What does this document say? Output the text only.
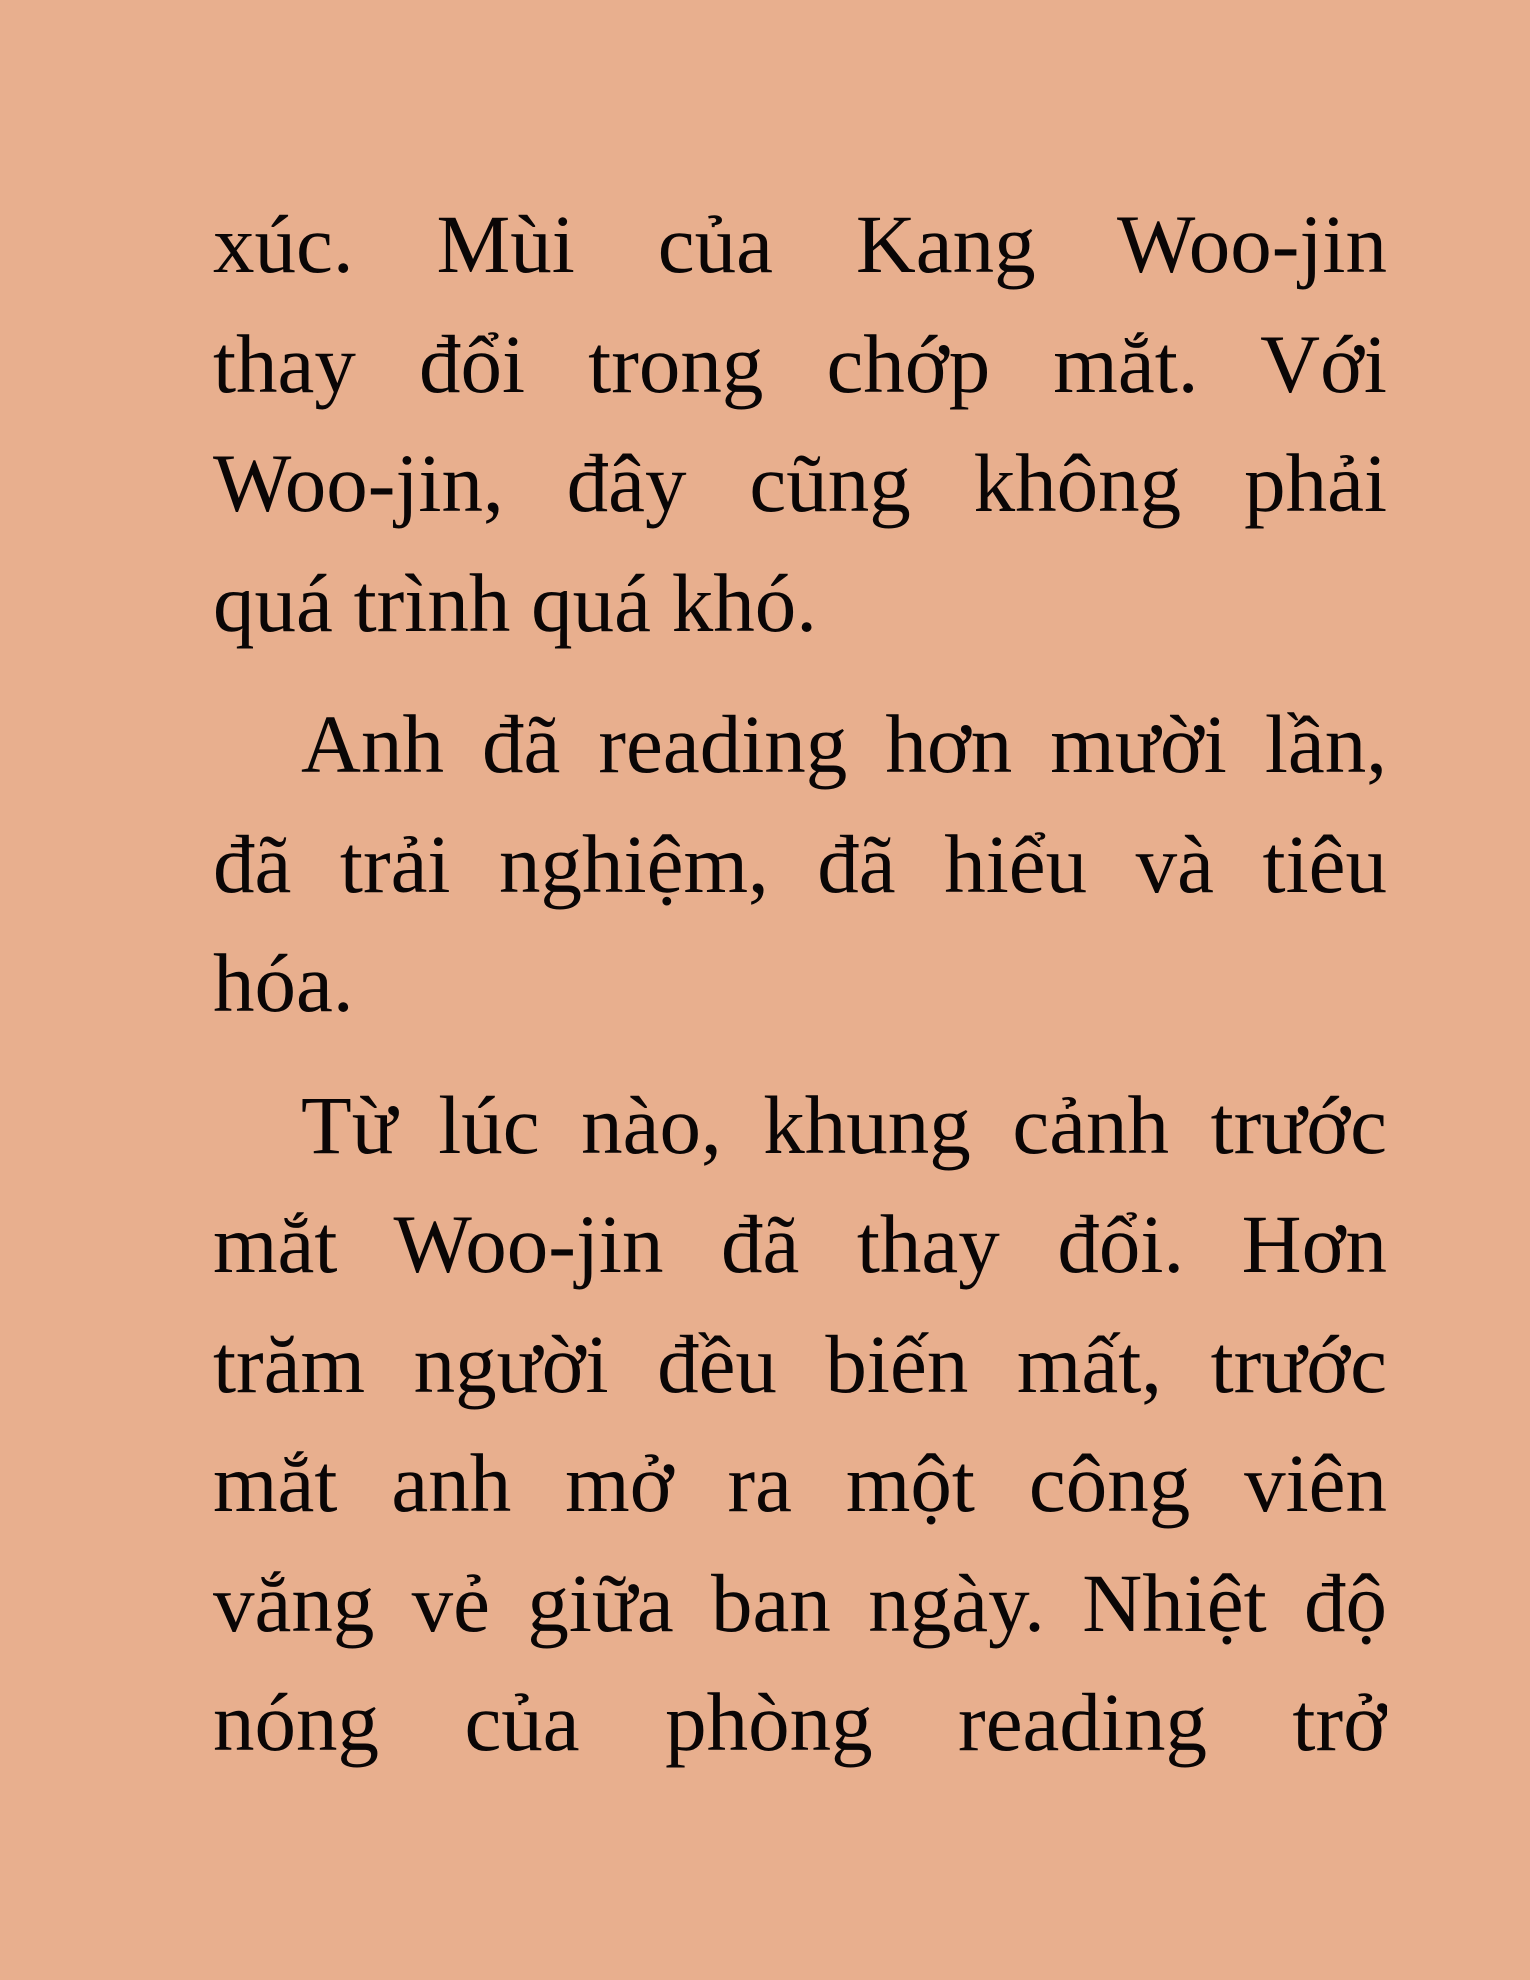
xúc. Mùi của Kang Woo-jin
thay đổi trong chớp mắt. Với
Woo-jin, đây cũng không phải
quá trình quá khó.
Anh đã reading hơn mười lần,
đã trải nghiệm, đã hiểu và tiêu
hóa.
Từ lúc nào, khung cảnh trước
mắt Woo-jin đã thay đổi. Hơn
trăm người đều biến mất, trước
mắt anh mở ra một công viên
vắng vẻ giữa ban ngày. Nhiệt độ
nóng của phòng reading trở
